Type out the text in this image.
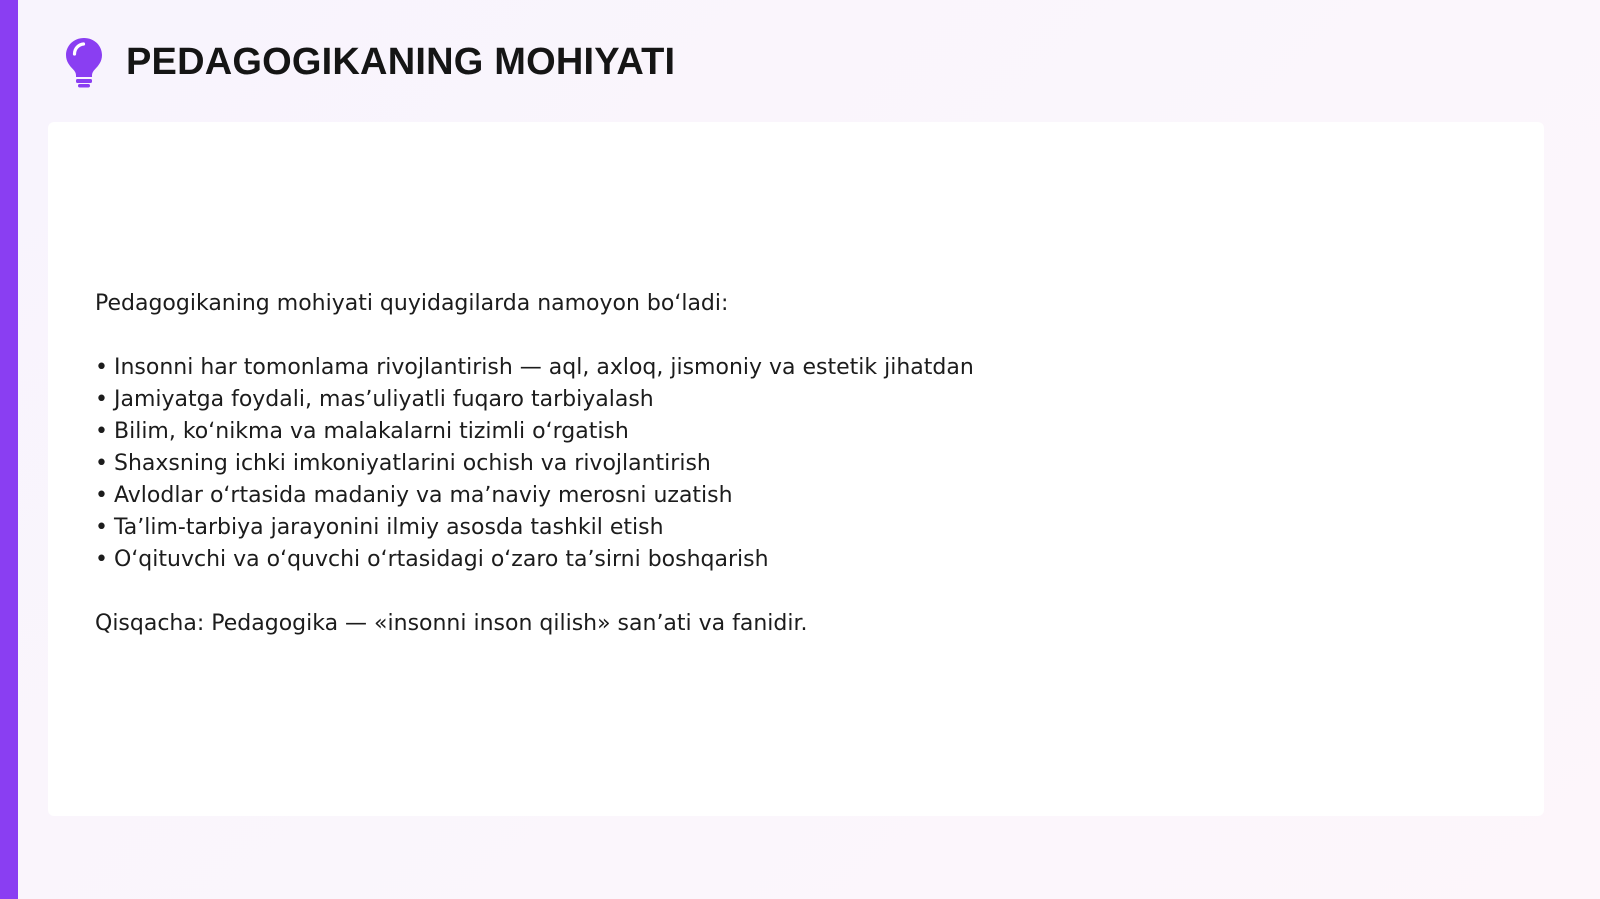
PEDAGOGIKANING MOHIYATI

Pedagogikaning mohiyati quyidagilarda namoyon boʻladi:

• Insonni har tomonlama rivojlantirish — aql, axloq, jismoniy va estetik jihatdan
• Jamiyatga foydali, masʼuliyatli fuqaro tarbiyalash
• Bilim, koʻnikma va malakalarni tizimli oʻrgatish
• Shaxsning ichki imkoniyatlarini ochish va rivojlantirish
• Avlodlar oʻrtasida madaniy va maʼnaviy merosni uzatish
• Taʼlim-tarbiya jarayonini ilmiy asosda tashkil etish
• Oʻqituvchi va oʻquvchi oʻrtasidagi oʻzaro taʼsirni boshqarish

Qisqacha: Pedagogika — «insonni inson qilish» sanʼati va fanidir.
